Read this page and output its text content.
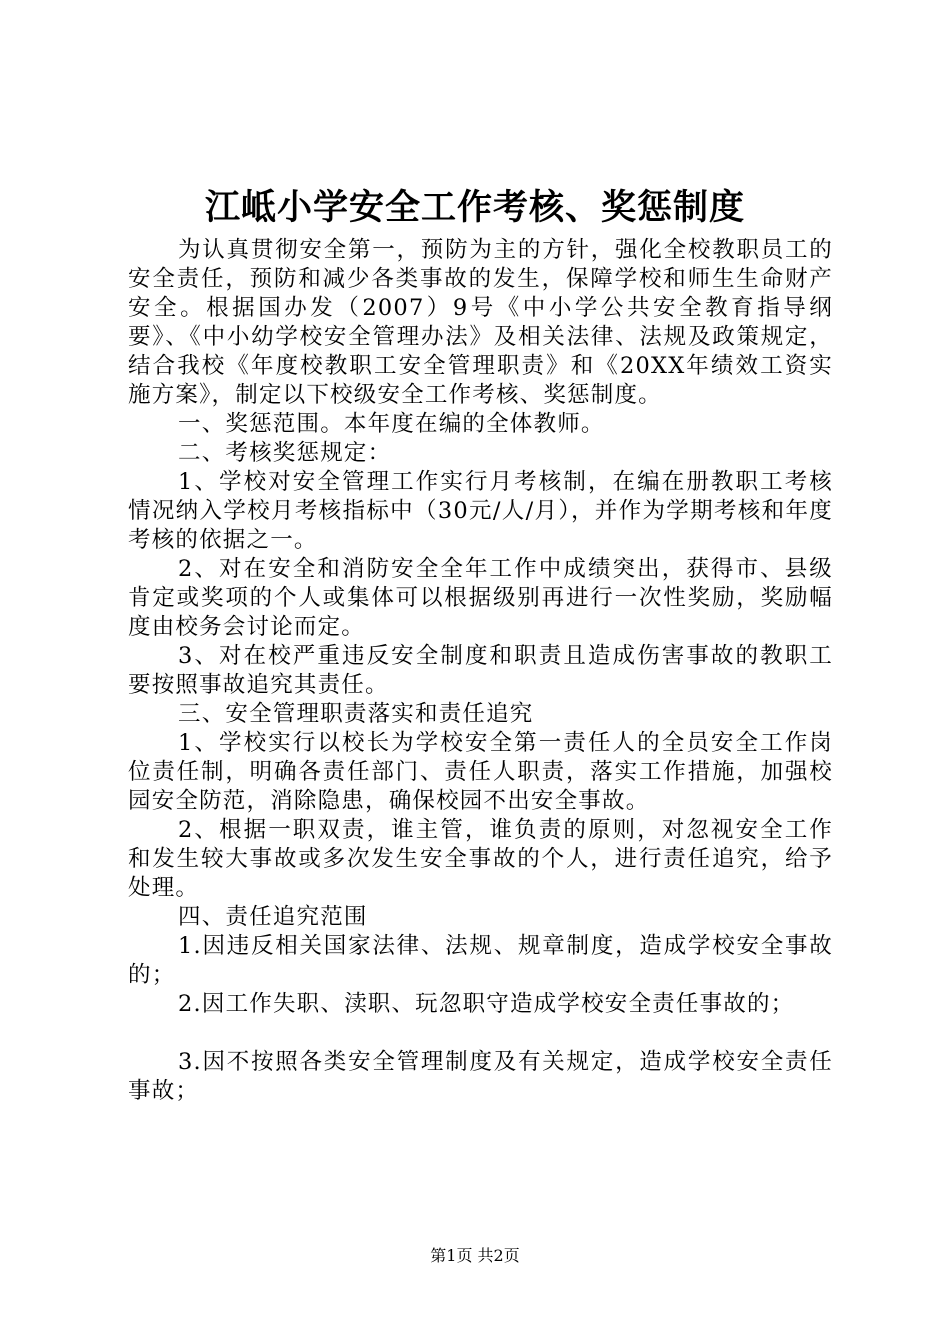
江岻小学安全工作考核、奖惩制度

为认真贯彻安全第一，预防为主的方针，强化全校教职员工的安全责任，预防和减少各类事故的发生，保障学校和师生生命财产安全。根据国办发（2007）9号《中小学公共安全教育指导纲要》、《中小幼学校安全管理办法》及相关法律、法规及政策规定，结合我校《年度校教职工安全管理职责》和《20XX年绩效工资实施方案》，制定以下校级安全工作考核、奖惩制度。

一、奖惩范围。本年度在编的全体教师。

二、考核奖惩规定：

1、学校对安全管理工作实行月考核制，在编在册教职工考核情况纳入学校月考核指标中（30元/人/月），并作为学期考核和年度考核的依据之一。

2、对在安全和消防安全全年工作中成绩突出，获得市、县级肯定或奖项的个人或集体可以根据级别再进行一次性奖励，奖励幅度由校务会讨论而定。

3、对在校严重违反安全制度和职责且造成伤害事故的教职工要按照事故追究其责任。

三、安全管理职责落实和责任追究

1、学校实行以校长为学校安全第一责任人的全员安全工作岗位责任制，明确各责任部门、责任人职责，落实工作措施，加强校园安全防范，消除隐患，确保校园不出安全事故。

2、根据一职双责，谁主管，谁负责的原则，对忽视安全工作和发生较大事故或多次发生安全事故的个人，进行责任追究，给予处理。

四、责任追究范围

1.因违反相关国家法律、法规、规章制度，造成学校安全事故的；

2.因工作失职、渎职、玩忽职守造成学校安全责任事故的；

3.因不按照各类安全管理制度及有关规定，造成学校安全责任事故；

第1页 共2页
